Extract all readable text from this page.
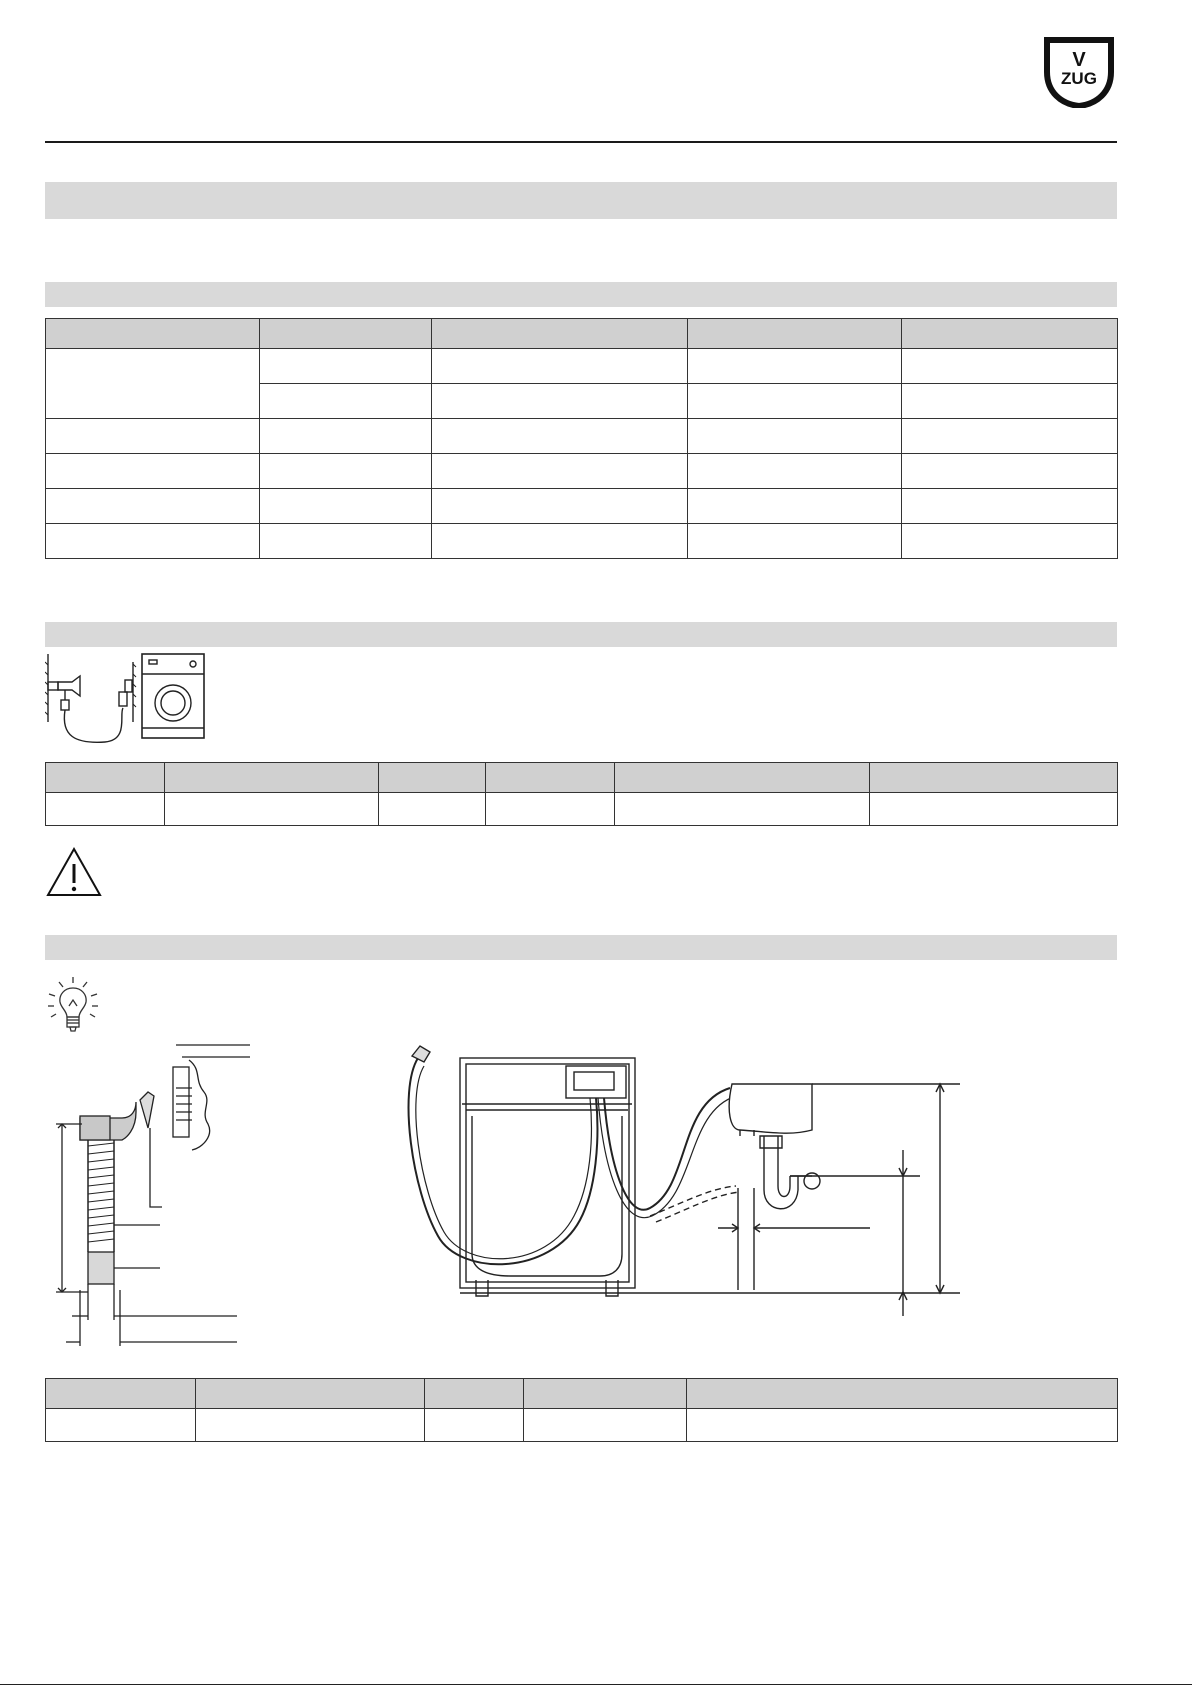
V
ZUG
